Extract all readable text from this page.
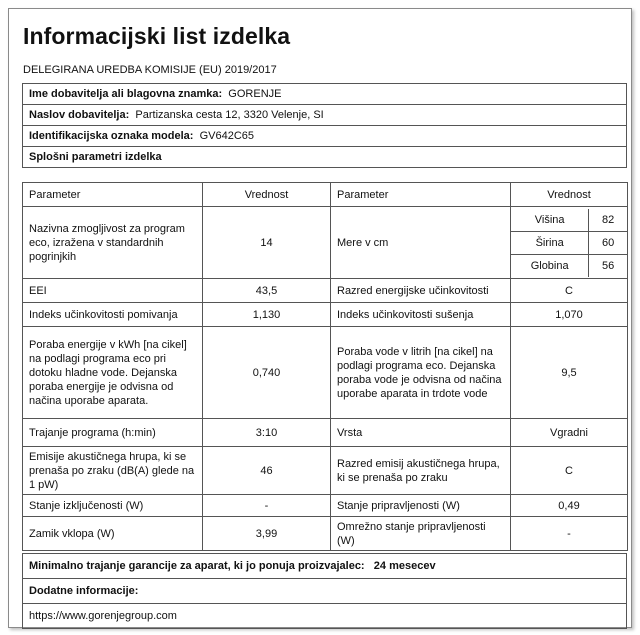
Informacijski list izdelka
DELEGIRANA UREDBA KOMISIJE (EU) 2019/2017
Ime dobavitelja ali blagovna znamka: GORENJE
Naslov dobavitelja: Partizanska cesta 12, 3320 Velenje, SI
Identifikacijska oznaka modela: GV642C65
Splošni parametri izdelka
Parameter	Vrednost	Parameter	Vrednost
Nazivna zmogljivost za program eco, izražena v standardnih pogrinjkih	14	Mere v cm	
Višina	82
Širina	60
Globina	56

EEI	43,5	Razred energijske učinkovitosti	C
Indeks učinkovitosti pomivanja	1,130	Indeks učinkovitosti sušenja	1,070
Poraba energije v kWh [na cikel] na podlagi programa eco pri dotoku hladne vode. Dejanska poraba energije je odvisna od načina uporabe aparata.	0,740	Poraba vode v litrih [na cikel] na podlagi programa eco. Dejanska poraba vode je odvisna od načina uporabe aparata in trdote vode	9,5
Trajanje programa (h:min)	3:10	Vrsta	Vgradni
Emisije akustičnega hrupa, ki se prenaša po zraku (dB(A) glede na 1 pW)	46	Razred emisij akustičnega hrupa, ki se prenaša po zraku	C
Stanje izključenosti (W)	-	Stanje pripravljenosti (W)	0,49
Zamik vklopa (W)	3,99	Omrežno stanje pripravljenosti (W)	-
Minimalno trajanje garancije za aparat, ki jo ponuja proizvajalec: 24 mesecev
Dodatne informacije:
https://www.gorenjegroup.com
